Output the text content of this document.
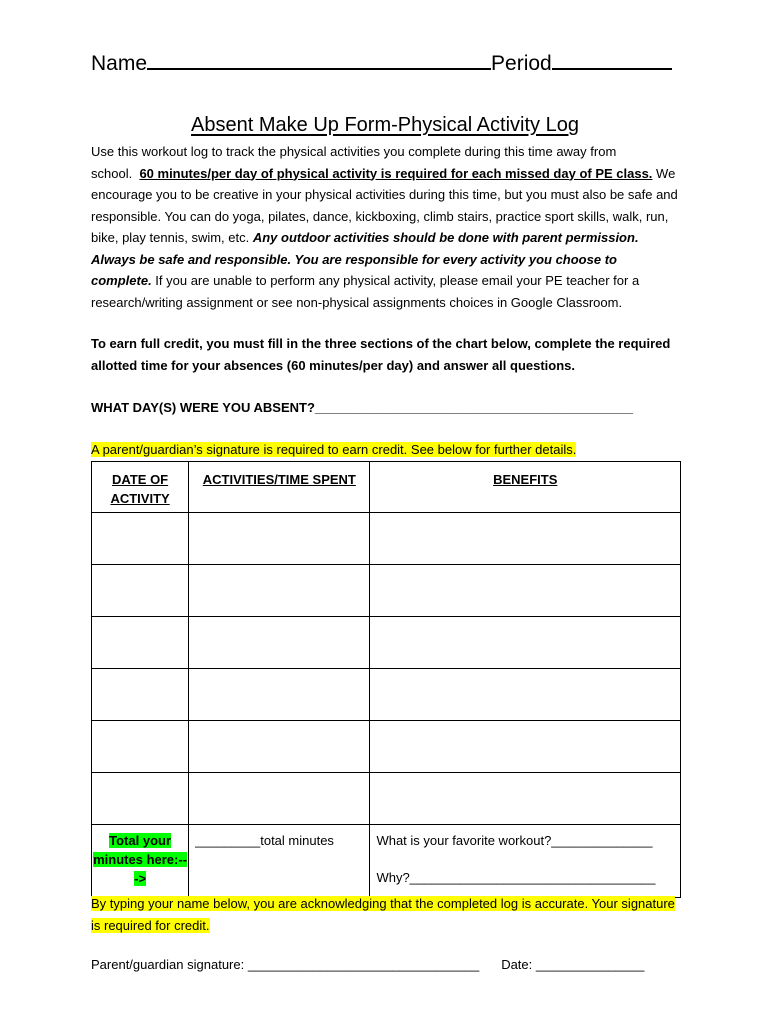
Name	Period
Absent Make Up Form-Physical Activity Log
Use this workout log to track the physical activities you complete during this time away from school. 60 minutes/per day of physical activity is required for each missed day of PE class. We encourage you to be creative in your physical activities during this time, but you must also be safe and responsible. You can do yoga, pilates, dance, kickboxing, climb stairs, practice sport skills, walk, run, bike, play tennis, swim, etc. Any outdoor activities should be done with parent permission. Always be safe and responsible. You are responsible for every activity you choose to complete. If you are unable to perform any physical activity, please email your PE teacher for a research/writing assignment or see non-physical assignments choices in Google Classroom.
To earn full credit, you must fill in the three sections of the chart below, complete the required allotted time for your absences (60 minutes/per day) and answer all questions.
WHAT DAY(S) WERE YOU ABSENT?____________________________________________
A parent/guardian’s signature is required to earn credit. See below for further details.
DATE OF ACTIVITY	ACTIVITIES/TIME SPENT	BENEFITS

Total your minutes here:--->	_________total minutes	What is your favorite workout?______________
Why?__________________________________
By typing your name below, you are acknowledging that the completed log is accurate. Your signature is required for credit.
Parent/guardian signature: ________________________________ Date: _______________
